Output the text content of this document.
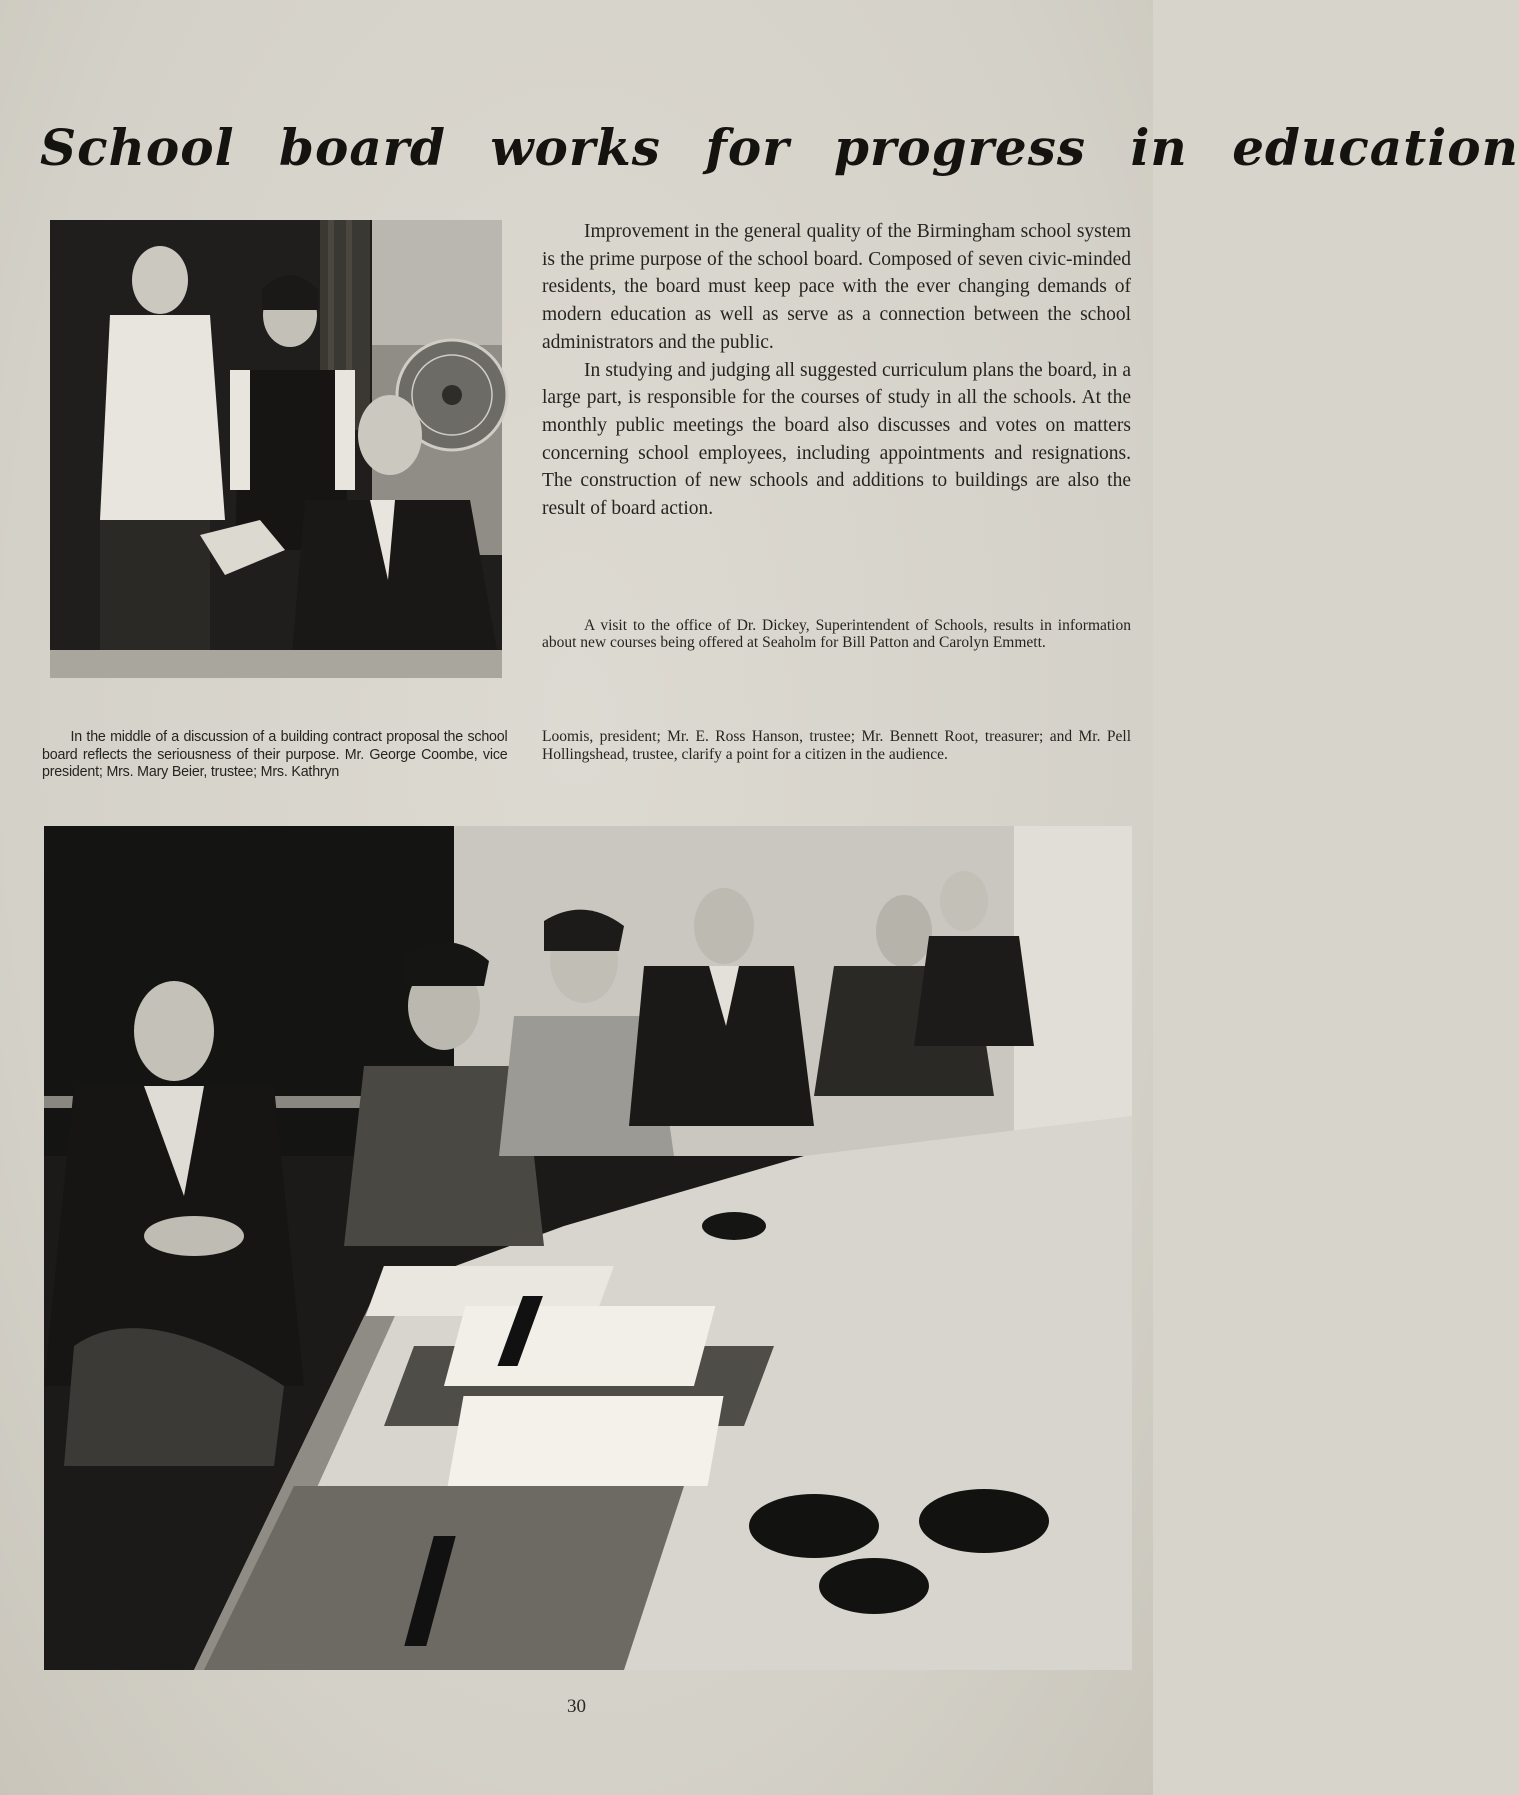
School board works for progress in education

Improvement in the general quality of the Birmingham school system is the prime purpose of the school board. Composed of seven civic-minded residents, the board must keep pace with the ever changing demands of modern education as well as serve as a connection between the school administrators and the public.

In studying and judging all suggested curriculum plans the board, in a large part, is responsible for the courses of study in all the schools. At the monthly public meetings the board also discusses and votes on matters concerning school employees, including appointments and resignations. The construction of new schools and additions to buildings are also the result of board action.

A visit to the office of Dr. Dickey, Superintendent of Schools, results in information about new courses being offered at Seaholm for Bill Patton and Carolyn Emmett.
In the middle of a discussion of a building contract proposal the school board reflects the seriousness of their purpose. Mr. George Coombe, vice president; Mrs. Mary Beier, trustee; Mrs. Kathryn
Loomis, president; Mr. E. Ross Hanson, trustee; Mr. Bennett Root, treasurer; and Mr. Pell Hollingshead, trustee, clarify a point for a citizen in the audience.
30
